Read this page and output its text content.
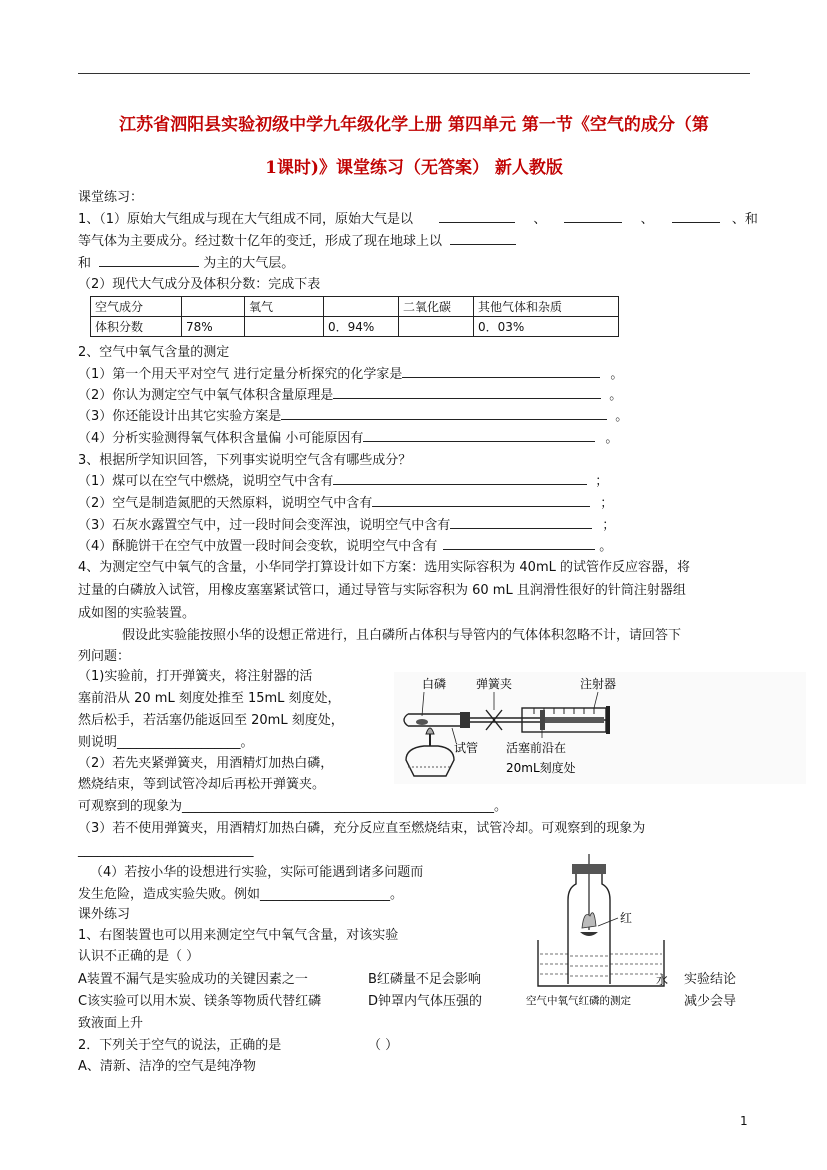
江苏省泗阳县实验初级中学九年级化学上册 第四单元 第一节《空气的成分（第
1课时)》课堂练习（无答案） 新人教版
课堂练习：
1、（1）原始大气组成与现在大气组成不同，原始大气是以	、	、	、和
等气体为主要成分。经过数十亿年的变迁，形成了现在地球上以
和	为主的大气层。
（2）现代大气成分及体积分数：完成下表
空气成分		氧气		二氧化碳	其他气体和杂质
体积分数	78%		0．94%		0．03%
2、空气中氧气含量的测定
（1）第一个用天平对空气 进行定量分析探究的化学家是	。
（2）你认为测定空气中氧气体积含量原理是	。
（3）你还能设计出其它实验方案是	。
（4）分析实验测得氧气体积含量偏 小可能原因有	。
3、根据所学知识回答，下列事实说明空气含有哪些成分？
（1）煤可以在空气中燃烧，说明空气中含有	；
（2）空气是制造氮肥的天然原料，说明空气中含有	；
（3）石灰水露置空气中，过一段时间会变浑浊，说明空气中含有	；
（4）酥脆饼干在空气中放置一段时间会变软，说明空气中含有	。
4、为测定空气中氧气的含量，小华同学打算设计如下方案：选用实际容积为 40mL 的试管作反应容器，将
过量的白磷放入试管，用橡皮塞塞紧试管口，通过导管与实际容积为 60 mL 且润滑性很好的针筒注射器组
成如图的实验装置。
假设此实验能按照小华的设想正常进行，且白磷所占体积与导管内的气体体积忽略不计，请回答下
列问题：
（1)实验前，打开弹簧夹，将注射器的活
塞前沿从 20 mL 刻度处推至 15mL 刻度处，
然后松手，若活塞仍能返回至 20mL 刻度处，
则说明___________________。
（2）若先夹紧弹簧夹，用酒精灯加热白磷，
燃烧结束，等到试管冷却后再松开弹簧夹。
可观察到的现象为________________________________________________。
（3）若不使用弹簧夹，用酒精灯加热白磷，充分反应直至燃烧结束，试管冷却。可观察到的现象为
___________________________
（4）若按小华的设想进行实验，实际可能遇到诸多问题而
发生危险，造成实验失败。例如____________________。
白磷 弹簧夹	注射器
试管 活塞前沿在
20mL刻度处
课外练习
1、右图装置也可以用来测定空气中氧气含量，对该实验
认识不正确的是（ ）
A装置不漏气是实验成功的关键因素之一	B红磷量不足会影响	实验结论
C该实验可以用木炭、镁条等物质代替红磷	D钟罩内气体压强的	减少会导
致液面上升
红
水
空气中氧气红磷的测定
2．下列关于空气的说法，正确的是	（ ）
A、清新、洁净的空气是纯净物
1
